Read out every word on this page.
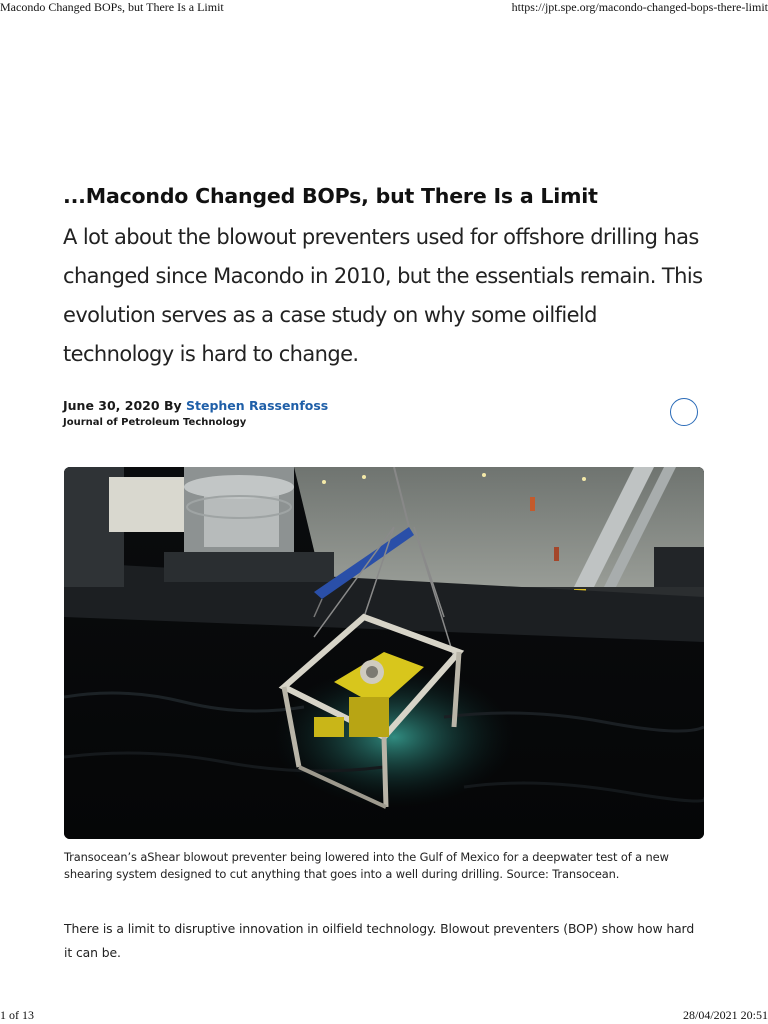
Macondo Changed BOPs, but There Is a Limit	https://jpt.spe.org/macondo-changed-bops-there-limit
...Macondo Changed BOPs, but There Is a Limit

A lot about the blowout preventers used for offshore drilling has changed since Macondo in 2010, but the essentials remain. This evolution serves as a case study on why some oilfield technology is hard to change.

June 30, 2020 By Stephen Rassenfoss
Journal of Petroleum Technology
Transocean’s aShear blowout preventer being lowered into the Gulf of Mexico for a deepwater test of a new shearing system designed to cut anything that goes into a well during drilling. Source: Transocean.

There is a limit to disruptive innovation in oilfield technology. Blowout preventers (BOP) show how hard it can be.

1 of 13	28/04/2021 20:51
